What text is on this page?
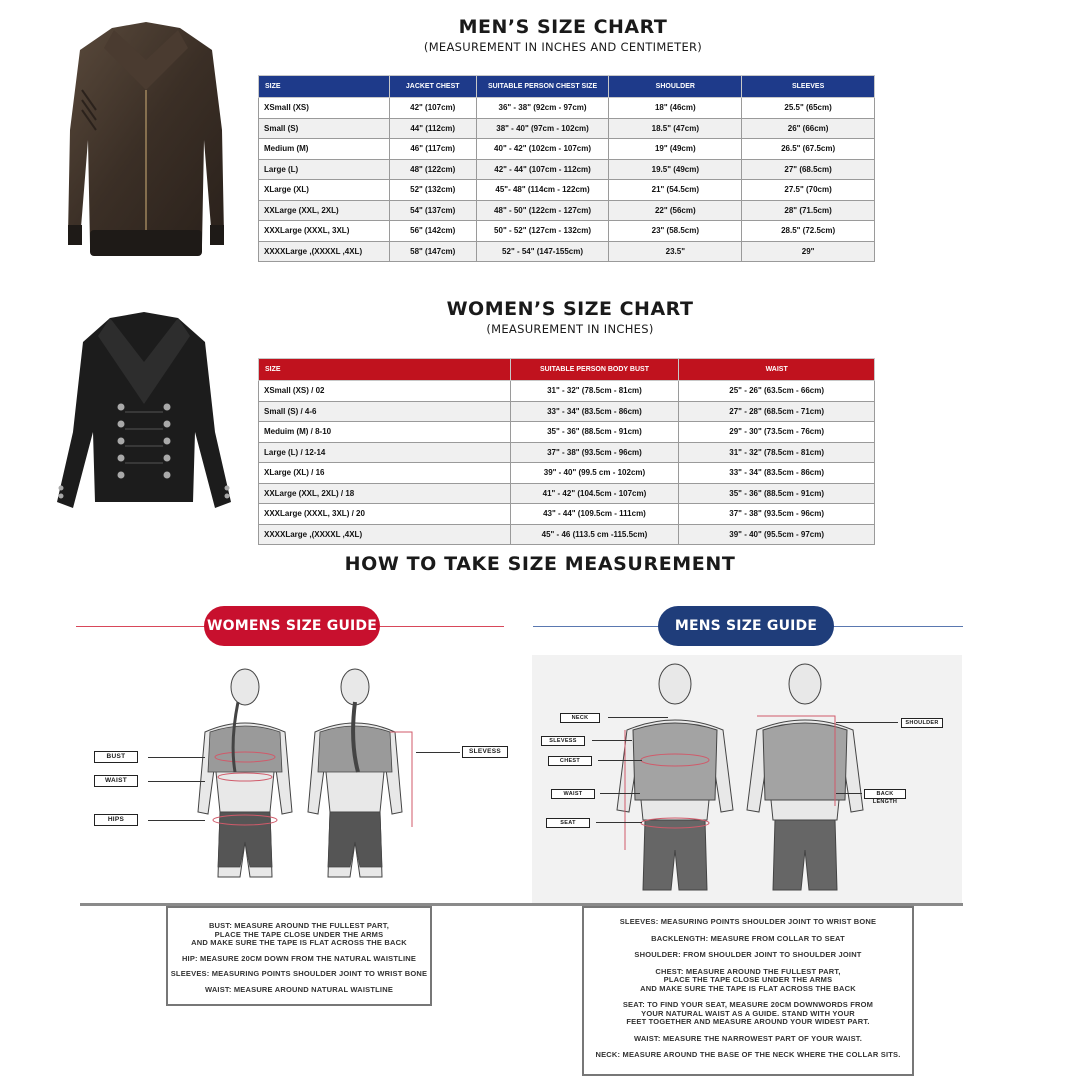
MEN’S SIZE CHART
(MEASUREMENT IN INCHES AND CENTIMETER)
SIZE	JACKET CHEST	SUITABLE PERSON CHEST SIZE	SHOULDER	SLEEVES
XSmall (XS)	42" (107cm)	36" - 38" (92cm - 97cm)	18" (46cm)	25.5" (65cm)
Small (S)	44" (112cm)	38" - 40" (97cm - 102cm)	18.5" (47cm)	26" (66cm)
Medium (M)	46" (117cm)	40" - 42" (102cm - 107cm)	19" (49cm)	26.5" (67.5cm)
Large (L)	48" (122cm)	42" - 44" (107cm - 112cm)	19.5" (49cm)	27" (68.5cm)
XLarge (XL)	52" (132cm)	45"- 48" (114cm - 122cm)	21" (54.5cm)	27.5" (70cm)
XXLarge (XXL, 2XL)	54" (137cm)	48" - 50" (122cm - 127cm)	22" (56cm)	28" (71.5cm)
XXXLarge (XXXL, 3XL)	56" (142cm)	50" - 52" (127cm - 132cm)	23" (58.5cm)	28.5" (72.5cm)
XXXXLarge ,(XXXXL ,4XL)	58" (147cm)	52" - 54" (147-155cm)	23.5"	29"
WOMEN’S SIZE CHART
(MEASUREMENT IN INCHES)
SIZE	SUITABLE PERSON BODY BUST	WAIST
XSmall (XS) / 02	31" - 32" (78.5cm - 81cm)	25" - 26" (63.5cm - 66cm)
Small (S) / 4-6	33" - 34" (83.5cm - 86cm)	27" - 28" (68.5cm - 71cm)
Meduim (M) / 8-10	35" - 36" (88.5cm - 91cm)	29" - 30" (73.5cm - 76cm)
Large (L) / 12-14	37" - 38" (93.5cm - 96cm)	31" - 32" (78.5cm - 81cm)
XLarge (XL) / 16	39" - 40" (99.5 cm - 102cm)	33" - 34" (83.5cm - 86cm)
XXLarge (XXL, 2XL) / 18	41" - 42" (104.5cm - 107cm)	35" - 36" (88.5cm - 91cm)
XXXLarge (XXXL, 3XL) / 20	43" - 44" (109.5cm - 111cm)	37" - 38" (93.5cm - 96cm)
XXXXLarge ,(XXXXL ,4XL)	45" - 46 (113.5 cm -115.5cm)	39" - 40" (95.5cm - 97cm)
HOW TO TAKE SIZE MEASUREMENT
WOMENS SIZE GUIDE	MENS SIZE GUIDE
BUST
WAIST
HIPS
SLEVESS
NECK
SLEVESS
CHEST
WAIST
SEAT
SHOULDER
BACK LENGTH

BUST: MEASURE AROUND THE FULLEST PART,
PLACE THE TAPE CLOSE UNDER THE ARMS
AND MAKE SURE THE TAPE IS FLAT ACROSS THE BACK

HIP: MEASURE 20CM DOWN FROM THE NATURAL WAISTLINE

SLEEVES: MEASURING POINTS SHOULDER JOINT TO WRIST BONE

WAIST: MEASURE AROUND NATURAL WAISTLINE

SLEEVES: MEASURING POINTS SHOULDER JOINT TO WRIST BONE

BACKLENGTH: MEASURE FROM COLLAR TO SEAT

SHOULDER: FROM SHOULDER JOINT TO SHOULDER JOINT

CHEST: MEASURE AROUND THE FULLEST PART,
PLACE THE TAPE CLOSE UNDER THE ARMS
AND MAKE SURE THE TAPE IS FLAT ACROSS THE BACK

SEAT: TO FIND YOUR SEAT, MEASURE 20CM DOWNWORDS FROM
YOUR NATURAL WAIST AS A GUIDE. STAND WITH YOUR
FEET TOGETHER AND MEASURE AROUND YOUR WIDEST PART.

WAIST: MEASURE THE NARROWEST PART OF YOUR WAIST.

NECK: MEASURE AROUND THE BASE OF THE NECK WHERE THE COLLAR SITS.
